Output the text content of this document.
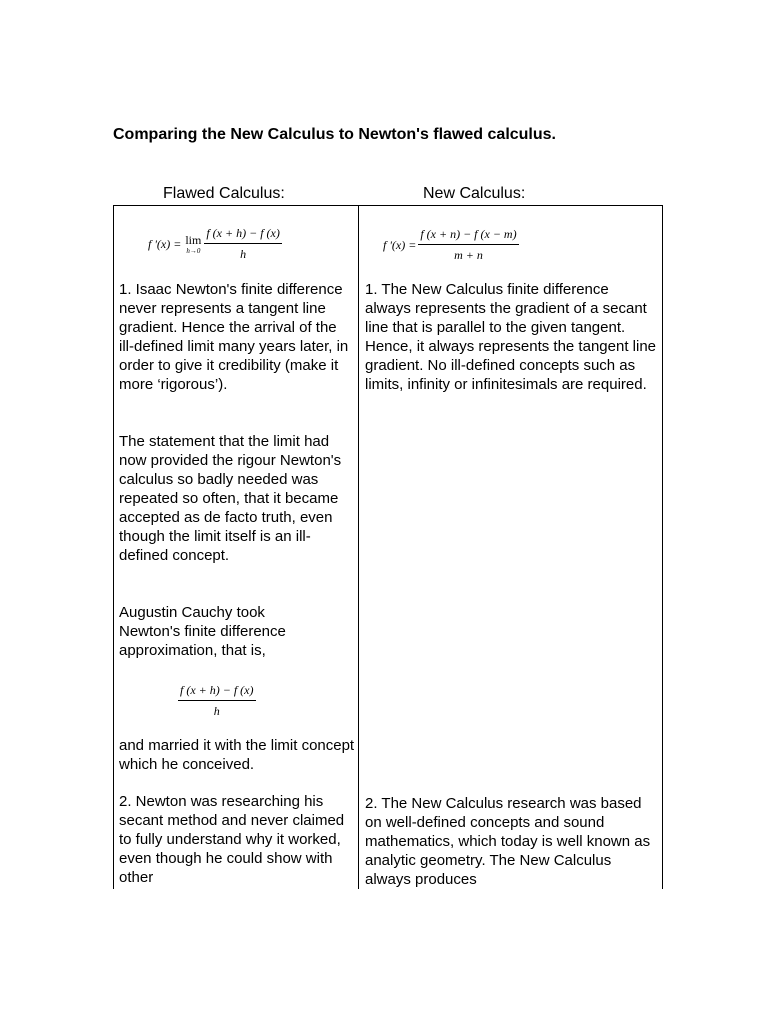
Comparing the New Calculus to Newton's flawed calculus.
Flawed Calculus:	New Calculus:
f '(x) = lim
$h\to 0 \frac{f (x + h) - f (x)}{h}$

1. Isaac Newton's finite difference never represents a tangent line gradient. Hence the arrival of the ill-defined limit many years later, in order to give it credibility (make it more ‘rigorous’).

The statement that the limit had now provided the rigour Newton's calculus so badly needed was repeated so often, that it became accepted as de facto truth, even though the limit itself is an ill-defined concept.

Augustin Cauchy took Newton's finite difference approximation, that is,

$\frac{f (x + h) - f (x)}{h}$

and married it with the limit concept which he conceived.

2. Newton was researching his secant method and never claimed to fully understand why it worked, even though he could show with other

f '$(x) = \frac{f (x + n) - f (x - m)}{m + n}$

1. The New Calculus finite difference always represents the gradient of a secant line that is parallel to the given tangent. Hence, it always represents the tangent line gradient. No ill-defined concepts such as limits, infinity or infinitesimals are required.

2. The New Calculus research was based on well-defined concepts and sound mathematics, which today is well known as analytic geometry. The New Calculus always produces
